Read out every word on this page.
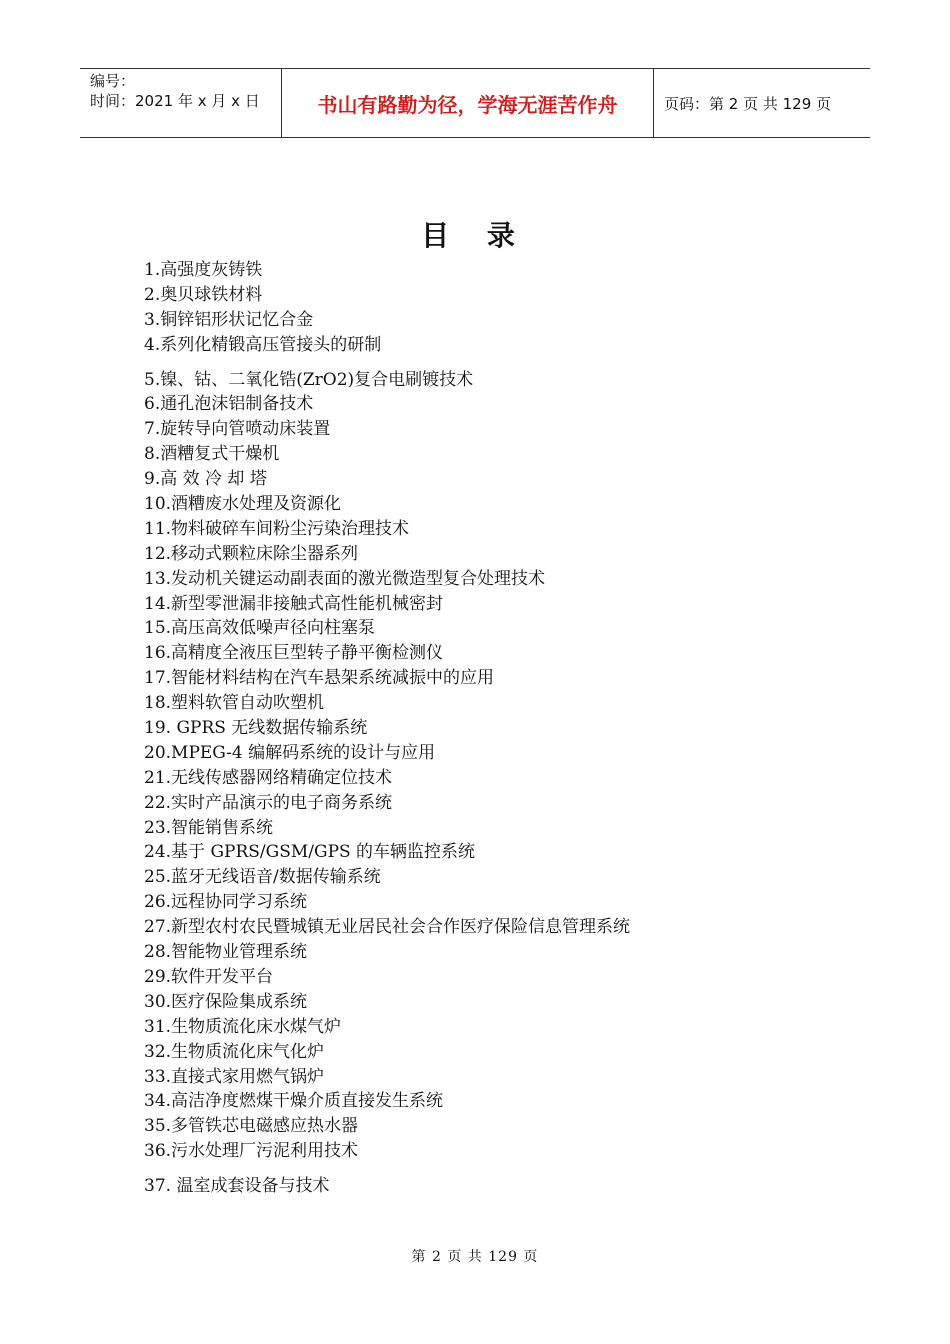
编号：
时间：2021 年 x 月 x 日	书山有路勤为径，学海无涯苦作舟	页码：第 2 页 共 129 页
目 录
1.高强度灰铸铁
2.奥贝球铁材料
3.铜锌铝形状记忆合金
4.系列化精锻高压管接头的研制
5.镍、钴、二氧化锆(ZrO2)复合电刷镀技术
6.通孔泡沫铝制备技术
7.旋转导向管喷动床装置
8.酒糟复式干燥机
9.高 效 冷 却 塔
10.酒糟废水处理及资源化
11.物料破碎车间粉尘污染治理技术
12.移动式颗粒床除尘器系列
13.发动机关键运动副表面的激光微造型复合处理技术
14.新型零泄漏非接触式高性能机械密封
15.高压高效低噪声径向柱塞泵
16.高精度全液压巨型转子静平衡检测仪
17.智能材料结构在汽车悬架系统减振中的应用
18.塑料软管自动吹塑机
19. GPRS 无线数据传输系统
20.MPEG-4 编解码系统的设计与应用
21.无线传感器网络精确定位技术
22.实时产品演示的电子商务系统
23.智能销售系统
24.基于 GPRS/GSM/GPS 的车辆监控系统
25.蓝牙无线语音/数据传输系统
26.远程协同学习系统
27.新型农村农民暨城镇无业居民社会合作医疗保险信息管理系统
28.智能物业管理系统
29.软件开发平台
30.医疗保险集成系统
31.生物质流化床水煤气炉
32.生物质流化床气化炉
33.直接式家用燃气锅炉
34.高洁净度燃煤干燥介质直接发生系统
35.多管铁芯电磁感应热水器
36.污水处理厂污泥利用技术
37. 温室成套设备与技术
第 2 页 共 129 页
